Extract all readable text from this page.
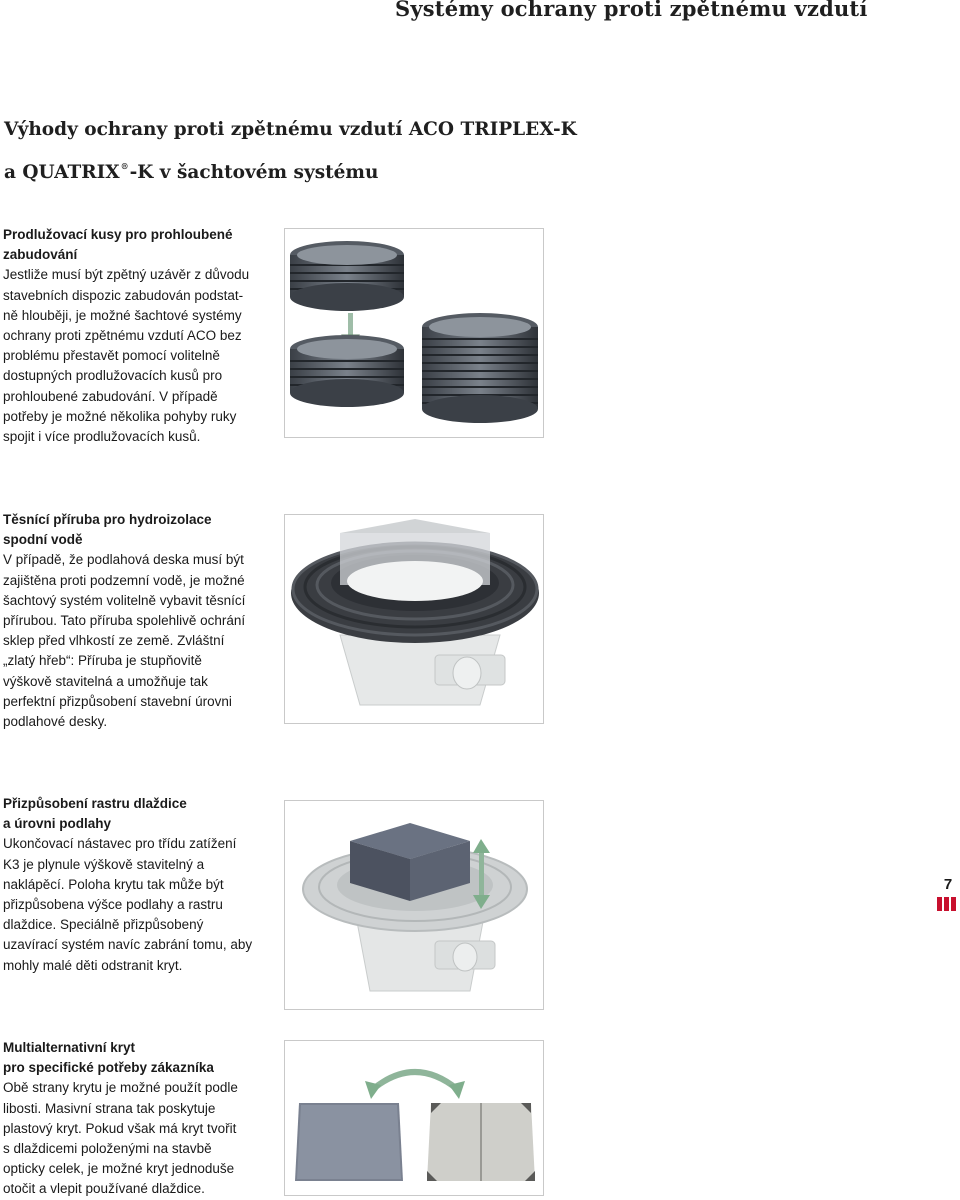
Systémy ochrany proti zpětnému vzdutí
Výhody ochrany proti zpětnému vzdutí ACO TRIPLEX-K
a QUATRIX®-K v šachtovém systému

Prodlužovací kusy pro prohloubené

zabudování

Jestliže musí být zpětný uzávěr z důvodu

stavebních dispozic zabudován podstat-

ně hlouběji, je možné šachtové systémy

ochrany proti zpětnému vzdutí ACO bez

problému přestavět pomocí volitelně

dostupných prodlužovacích kusů pro

prohloubené zabudování. V případě

potřeby je možné několika pohyby ruky

spojit i více prodlužovacích kusů.

Těsnící příruba pro hydroizolace

spodní vodě

V případě, že podlahová deska musí být

zajištěna proti podzemní vodě, je možné

šachtový systém volitelně vybavit těsnící

přírubou. Tato příruba spolehlivě ochrání

sklep před vlhkostí ze země. Zvláštní

„zlatý hřeb“: Příruba je stupňovitě

výškově stavitelná a umožňuje tak

perfektní přizpůsobení stavební úrovni

podlahové desky.

Přizpůsobení rastru dlaždice

a úrovni podlahy

Ukončovací nástavec pro třídu zatížení

K3 je plynule výškově stavitelný a

naklápěcí. Poloha krytu tak může být

přizpůsobena výšce podlahy a rastru

dlaždice. Speciálně přizpůsobený

uzavírací systém navíc zabrání tomu, aby

mohly malé děti odstranit kryt.

Multialternativní kryt

pro specifické potřeby zákazníka

Obě strany krytu je možné použít podle

libosti. Masivní strana tak poskytuje

plastový kryt. Pokud však má kryt tvořit

s dlaždicemi položenými na stavbě

opticky celek, je možné kryt jednoduše

otočit a vlepit používané dlaždice.

7
